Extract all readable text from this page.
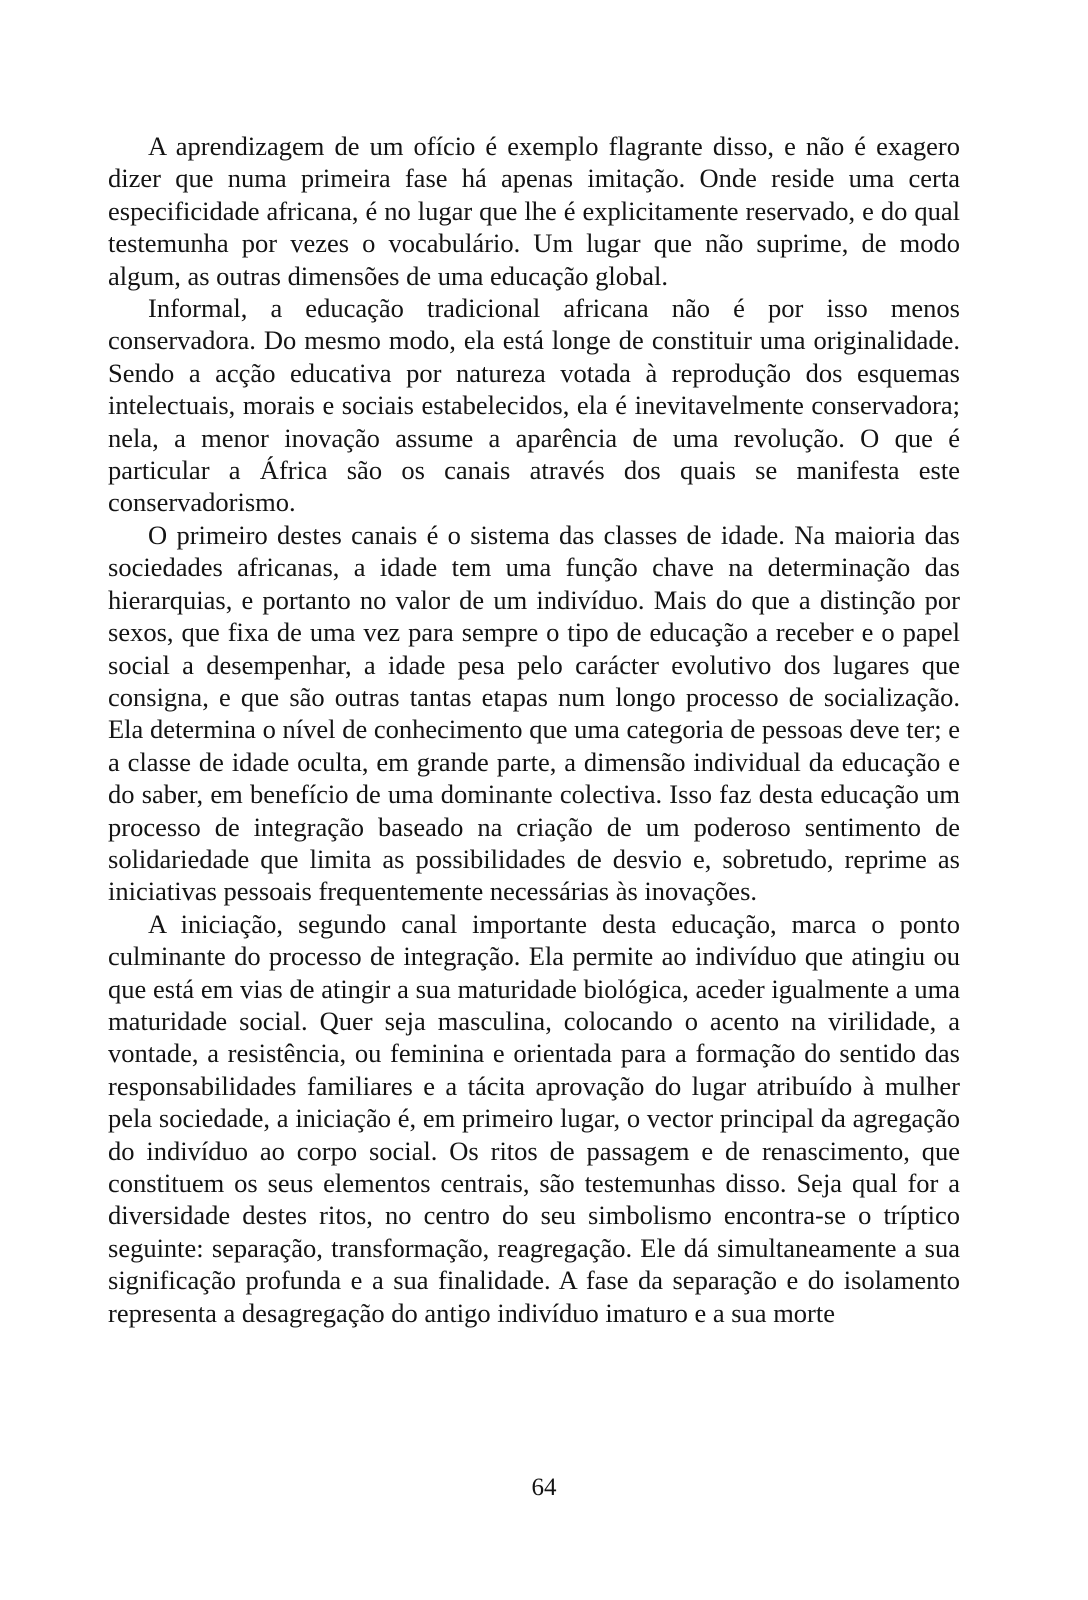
A aprendizagem de um ofício é exemplo flagrante disso, e não é exagero dizer que numa primeira fase há apenas imitação. Onde reside uma certa especificidade africana, é no lugar que lhe é explicitamente reservado, e do qual testemunha por vezes o vocabulário. Um lugar que não suprime, de modo algum, as outras dimensões de uma educação global.

Informal, a educação tradicional africana não é por isso menos conservadora. Do mesmo modo, ela está longe de constituir uma originalidade. Sendo a acção educativa por natureza votada à reprodução dos esquemas intelectuais, morais e sociais estabelecidos, ela é inevitavelmente conservadora; nela, a menor inovação assume a aparência de uma revolução. O que é particular a África são os canais através dos quais se manifesta este conservadorismo.

O primeiro destes canais é o sistema das classes de idade. Na maioria das sociedades africanas, a idade tem uma função chave na determinação das hierarquias, e portanto no valor de um indivíduo. Mais do que a distinção por sexos, que fixa de uma vez para sempre o tipo de educação a receber e o papel social a desempenhar, a idade pesa pelo carácter evolutivo dos lugares que consigna, e que são outras tantas etapas num longo processo de socialização. Ela determina o nível de conhecimento que uma categoria de pessoas deve ter; e a classe de idade oculta, em grande parte, a dimensão individual da educação e do saber, em benefício de uma dominante colectiva. Isso faz desta educação um processo de integração baseado na criação de um poderoso sentimento de solidariedade que limita as possibilidades de desvio e, sobretudo, reprime as iniciativas pessoais frequentemente necessárias às inovações.

A iniciação, segundo canal importante desta educação, marca o ponto culminante do processo de integração. Ela permite ao indivíduo que atingiu ou que está em vias de atingir a sua maturidade biológica, aceder igualmente a uma maturidade social. Quer seja masculina, colocando o acento na virilidade, a vontade, a resistência, ou feminina e orientada para a formação do sentido das responsabilidades familiares e a tácita aprovação do lugar atribuído à mulher pela sociedade, a iniciação é, em primeiro lugar, o vector principal da agregação do indivíduo ao corpo social. Os ritos de passagem e de renascimento, que constituem os seus elementos centrais, são testemunhas disso. Seja qual for a diversidade destes ritos, no centro do seu simbolismo encontra-se o tríptico seguinte: separação, transformação, reagregação. Ele dá simultaneamente a sua significação profunda e a sua finalidade. A fase da separação e do isolamento representa a desagregação do antigo indivíduo imaturo e a sua morte

64
